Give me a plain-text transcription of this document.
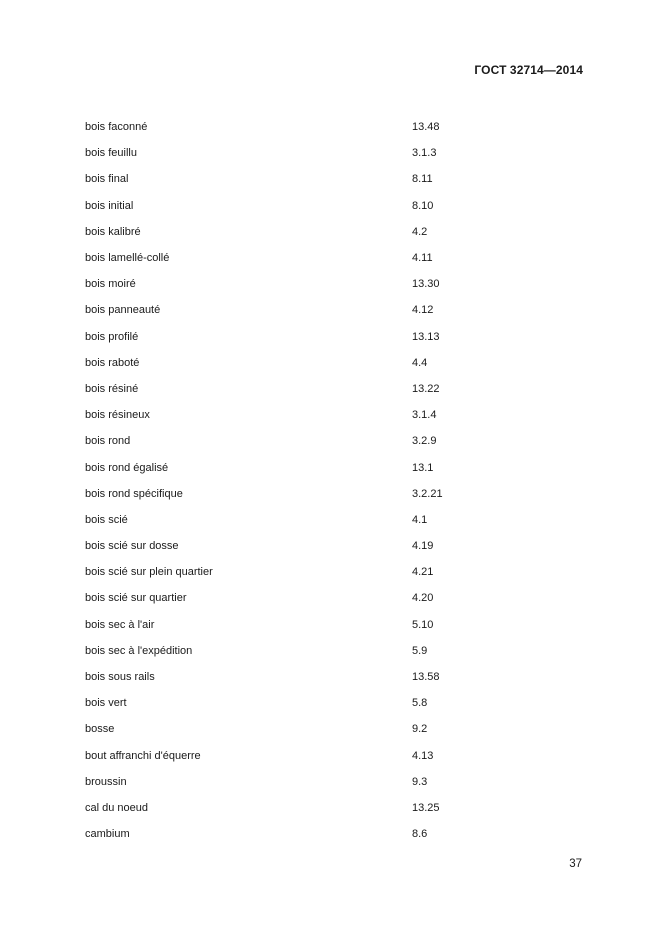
ГОСТ 32714—2014
bois faconné	13.48
bois feuillu	3.1.3
bois final	8.11
bois initial	8.10
bois kalibré	4.2
bois lamellé-collé	4.11
bois moiré	13.30
bois panneauté	4.12
bois profilé	13.13
bois raboté	4.4
bois résiné	13.22
bois résineux	3.1.4
bois rond	3.2.9
bois rond égalisé	13.1
bois rond spécifique	3.2.21
bois scié	4.1
bois scié sur dosse	4.19
bois scié sur plein quartier	4.21
bois scié sur quartier	4.20
bois sec à l'air	5.10
bois sec à l'expédition	5.9
bois sous rails	13.58
bois vert	5.8
bosse	9.2
bout affranchi d'équerre	4.13
broussin	9.3
cal du noeud	13.25
cambium	8.6
37
